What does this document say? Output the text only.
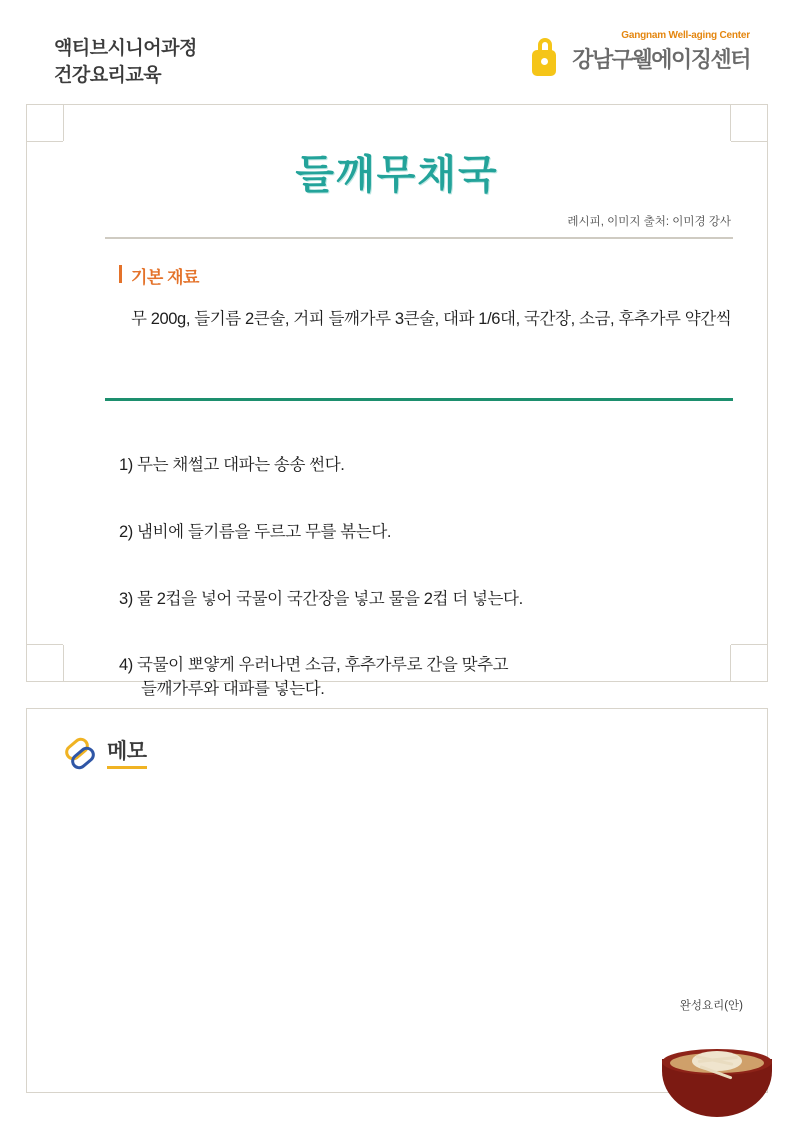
액티브시니어과정
건강요리교육
Gangnam Well-aging Center
강남구웰에이징센터
들깨무채국
레시피, 이미지 출처: 이미경 강사
기본 재료
무 200g, 들기름 2큰술, 거피 들깨가루 3큰술, 대파 1/6대, 국간장, 소금, 후추가루 약간씩

1) 무는 채썰고 대파는 송송 썬다.

2) 냄비에 들기름을 두르고 무를 볶는다.

3) 물 2컵을 넣어 국물이 국간장을 넣고 물을 2컵 더 넣는다.

4) 국물이 뽀얗게 우러나면 소금, 후추가루로 간을 맞추고

들깨가루와 대파를 넣는다.

메모
완성요리(안)
